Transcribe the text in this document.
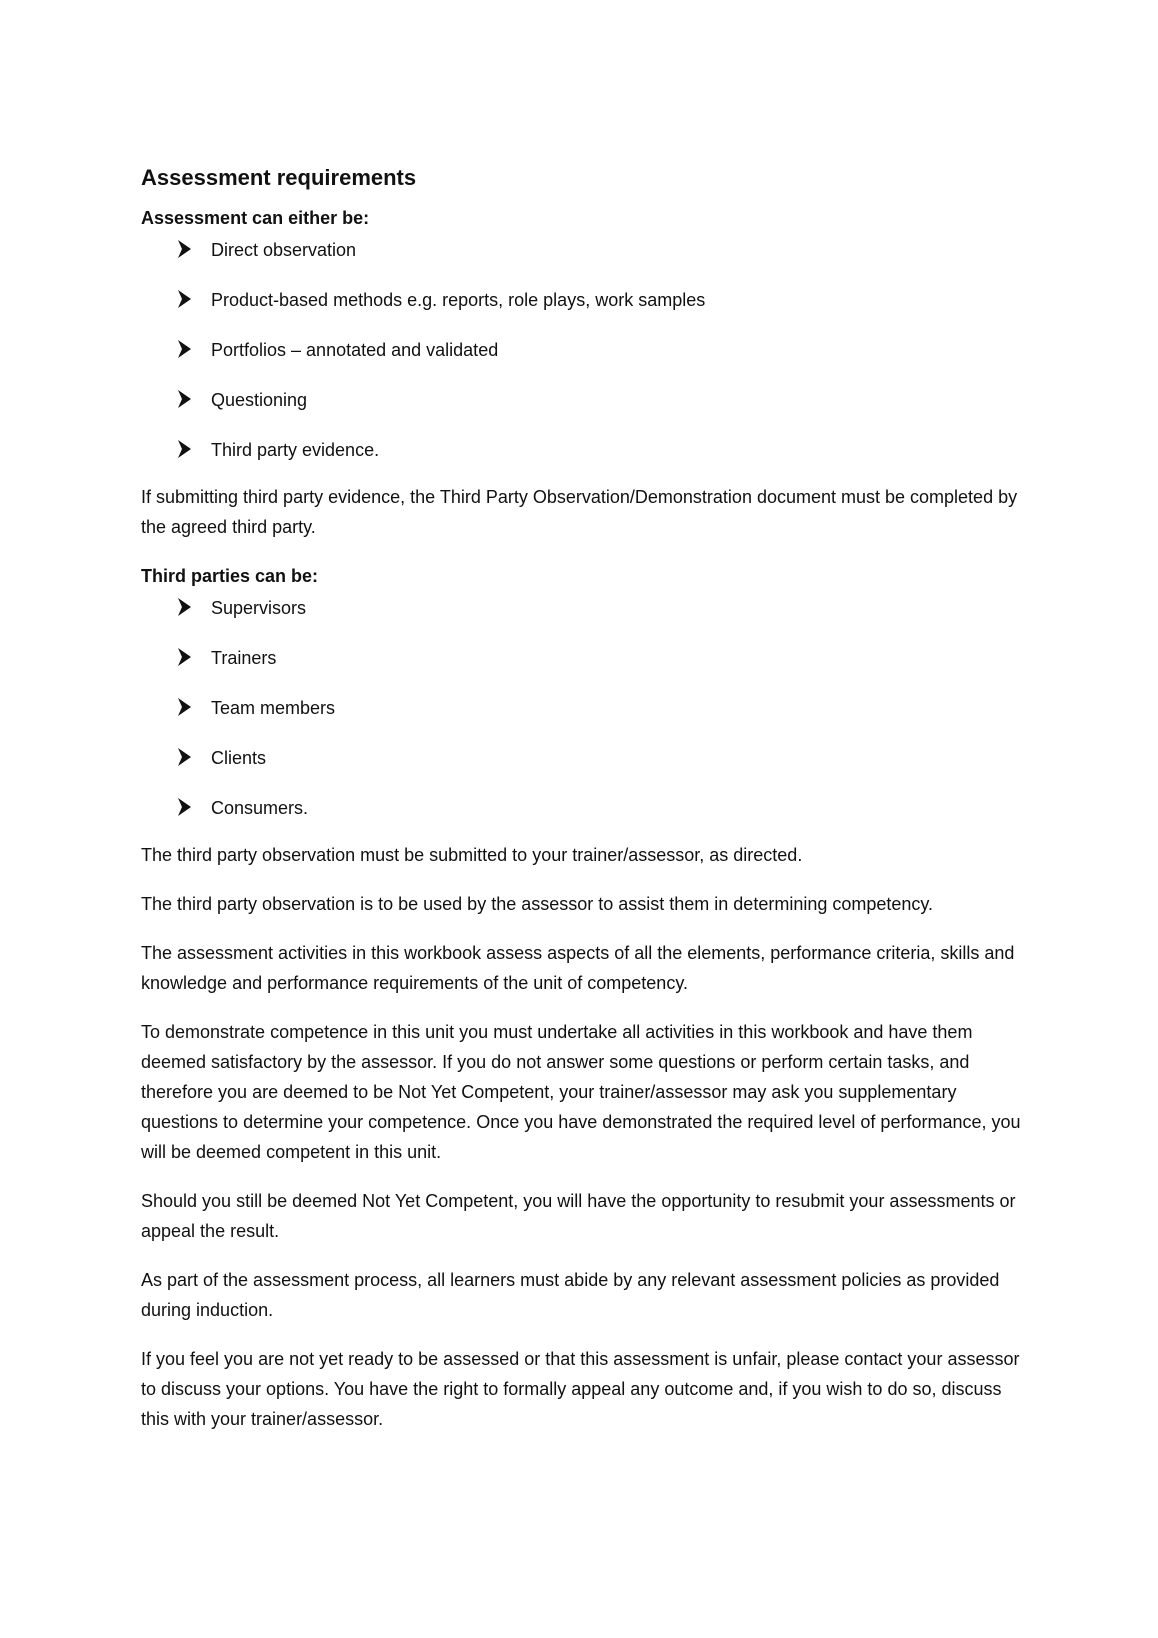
Assessment requirements
Assessment can either be:
Direct observation
Product-based methods e.g. reports, role plays, work samples
Portfolios – annotated and validated
Questioning
Third party evidence.

If submitting third party evidence, the Third Party Observation/Demonstration document must be completed by the agreed third party.

Third parties can be:
Supervisors
Trainers
Team members
Clients
Consumers.

The third party observation must be submitted to your trainer/assessor, as directed.

The third party observation is to be used by the assessor to assist them in determining competency.

The assessment activities in this workbook assess aspects of all the elements, performance criteria, skills and knowledge and performance requirements of the unit of competency.

To demonstrate competence in this unit you must undertake all activities in this workbook and have them deemed satisfactory by the assessor. If you do not answer some questions or perform certain tasks, and therefore you are deemed to be Not Yet Competent, your trainer/assessor may ask you supplementary questions to determine your competence. Once you have demonstrated the required level of performance, you will be deemed competent in this unit.

Should you still be deemed Not Yet Competent, you will have the opportunity to resubmit your assessments or appeal the result.

As part of the assessment process, all learners must abide by any relevant assessment policies as provided during induction.

If you feel you are not yet ready to be assessed or that this assessment is unfair, please contact your assessor to discuss your options. You have the right to formally appeal any outcome and, if you wish to do so, discuss this with your trainer/assessor.
